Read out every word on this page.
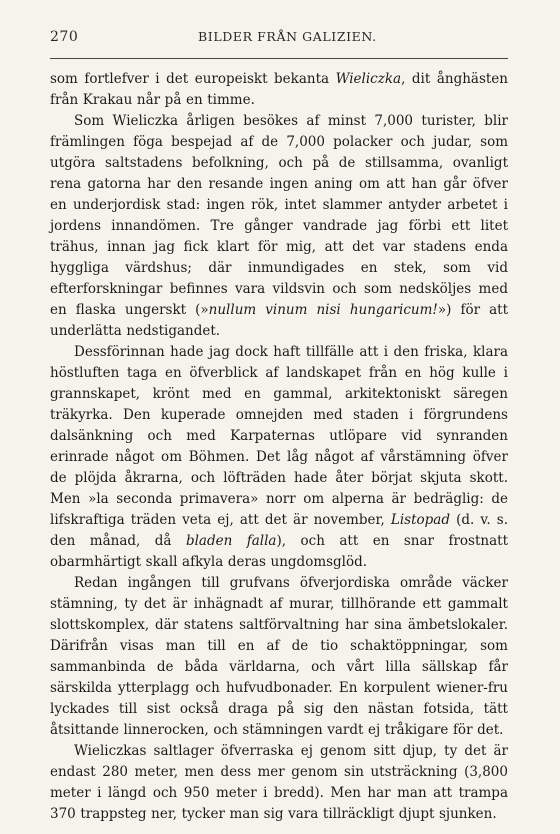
270	BILDER FRÅN GALIZIEN.

som fortlefver i det europeiskt bekanta Wieliczka, dit ånghästen från Krakau når på en timme.

Som Wieliczka årligen besökes af minst 7,000 turister, blir främlingen föga bespejad af de 7,000 polacker och judar, som utgöra saltstadens befolkning, och på de stillsamma, ovanligt rena gatorna har den resande ingen aning om att han går öfver en underjordisk stad: ingen rök, intet slammer antyder arbetet i jordens innandömen. Tre gånger vandrade jag förbi ett litet trähus, innan jag fick klart för mig, att det var stadens enda hyggliga värdshus; där inmundigades en stek, som vid efterforskningar befinnes vara vildsvin och som nedsköljes med en flaska ungerskt (»nullum vinum nisi hungaricum!») för att underlätta nedstigandet.

Dessförinnan hade jag dock haft tillfälle att i den friska, klara höstluften taga en öfverblick af landskapet från en hög kulle i grannskapet, krönt med en gammal, arkitektoniskt säregen träkyrka. Den kuperade omnejden med staden i förgrundens dalsänkning och med Karpaternas utlöpare vid synranden erinrade något om Böhmen. Det låg något af vårstämning öfver de plöjda åkrarna, och löfträden hade åter börjat skjuta skott. Men »la seconda primavera» norr om alperna är bedräglig: de lifskraftiga träden veta ej, att det är november, Listopad (d. v. s. den månad, då bladen falla), och att en snar frostnatt obarmhärtigt skall afkyla deras ungdomsglöd.

Redan ingången till grufvans öfverjordiska område väcker stämning, ty det är inhägnadt af murar, tillhörande ett gammalt slottskomplex, där statens saltförvaltning har sina ämbetslokaler. Därifrån visas man till en af de tio schaktöppningar, som sammanbinda de båda världarna, och vårt lilla sällskap får särskilda ytterplagg och hufvudbonader. En korpulent wiener-fru lyckades till sist också draga på sig den nästan fotsida, tätt åtsittande linnerocken, och stämningen vardt ej tråkigare för det.

Wieliczkas saltlager öfverraska ej genom sitt djup, ty det är endast 280 meter, men dess mer genom sin utsträckning (3,800 meter i längd och 950 meter i bredd). Men har man att trampa 370 trappsteg ner, tycker man sig vara tillräckligt djupt sjunken.
